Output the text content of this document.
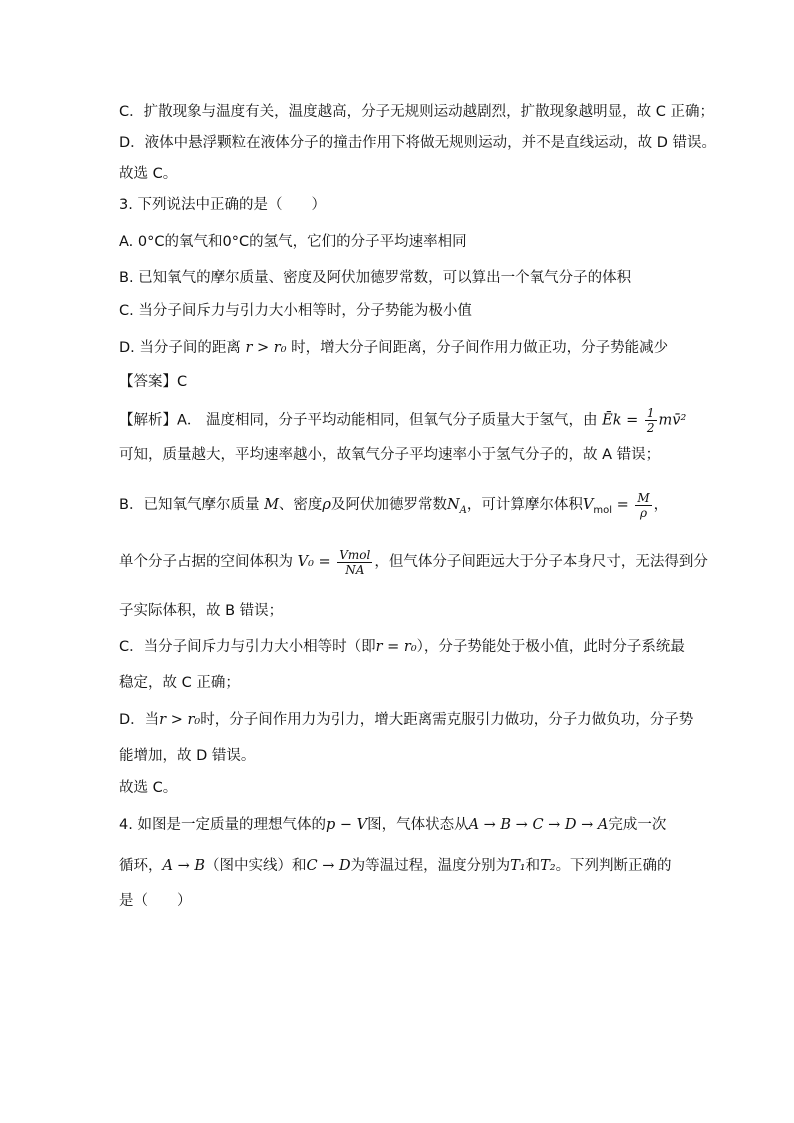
C．扩散现象与温度有关，温度越高，分子无规则运动越剧烈，扩散现象越明显，故 C 正确；
D．液体中悬浮颗粒在液体分子的撞击作用下将做无规则运动，并不是直线运动，故 D 错误。
故选 C。
3. 下列说法中正确的是（　　）
A. 0°C的氧气和0°C的氢气，它们的分子平均速率相同
B. 已知氧气的摩尔质量、密度及阿伏加德罗常数，可以算出一个氧气分子的体积
C. 当分子间斥力与引力大小相等时，分子势能为极小值
D. 当分子间的距离 r > r₀ 时，增大分子间距离，分子间作用力做正功，分子势能减少
【答案】C
【解析】A． 温度相同，分子平均动能相同，但氧气分子质量大于氢气，由 Ēk = $\frac{1}{2}$ mv̄²
可知，质量越大，平均速率越小，故氧气分子平均速率小于氢气分子的，故 A 错误；
B．已知氧气摩尔质量 M、密度ρ及阿伏加德罗常数$N_A$，可计算摩尔体积$V_{mol} = \frac{M}{\rho}$ ，
单个分子占据的空间体积为 $V_0 = \frac{\text{Vmol}}{NA}$ ，但气体分子间距远大于分子本身尺寸，无法得到分
子实际体积，故 B 错误；
C．当分子间斥力与引力大小相等时（即r = r₀），分子势能处于极小值，此时分子系统最
稳定，故 C 正确；
D．当r > r₀时，分子间作用力为引力，增大距离需克服引力做功，分子力做负功，分子势
能增加，故 D 错误。
故选 C。
4. 如图是一定质量的理想气体的p − V图，气体状态从A → B → C → D → A完成一次
循环，A → B（图中实线）和C → D为等温过程，温度分别为T₁和T₂。下列判断正确的
是（　　）
